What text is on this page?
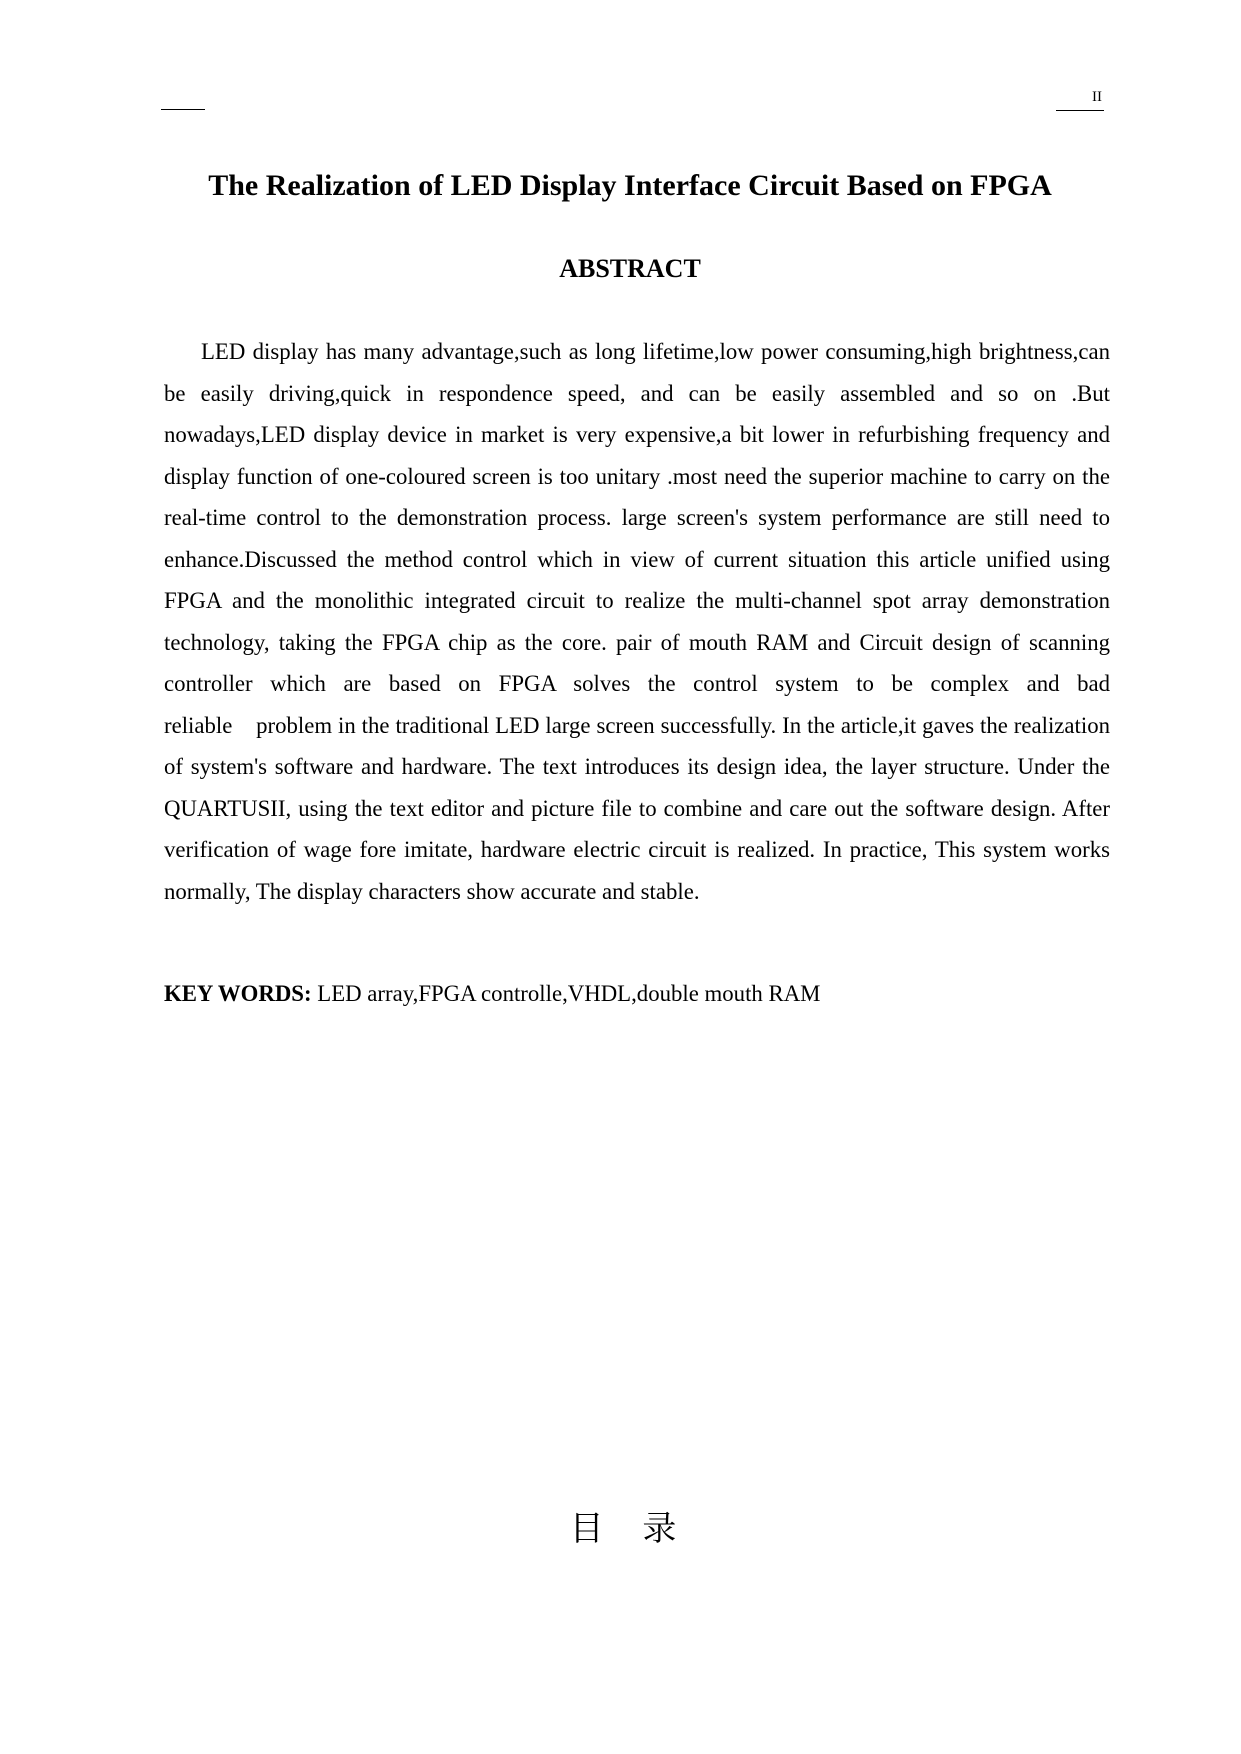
II
The Realization of LED Display Interface Circuit Based on FPGA
ABSTRACT

LED display has many advantage,such as long lifetime,low power consuming,high brightness,can be easily driving,quick in respondence speed, and can be easily assembled and so on .But nowadays,LED display device in market is very expensive,a bit lower in refurbishing frequency and display function of one-coloured screen is too unitary .most need the superior machine to carry on the real-time control to the demonstration process. large screen's system performance are still need to enhance.Discussed the method control which in view of current situation this article unified using FPGA and the monolithic integrated circuit to realize the multi-channel spot array demonstration technology, taking the FPGA chip as the core. pair of mouth RAM and Circuit design of scanning controller which are based on FPGA solves the control system to be complex and bad reliable    problem in the traditional LED large screen successfully. In the article,it gaves the realization of system's software and hardware. The text introduces its design idea, the layer structure. Under the QUARTUSII, using the text editor and picture file to combine and care out the software design. After verification of wage fore imitate, hardware electric circuit is realized. In practice, This system works normally, The display characters show accurate and stable.

KEY WORDS: LED array,FPGA controlle,VHDL,double mouth RAM

目 录
